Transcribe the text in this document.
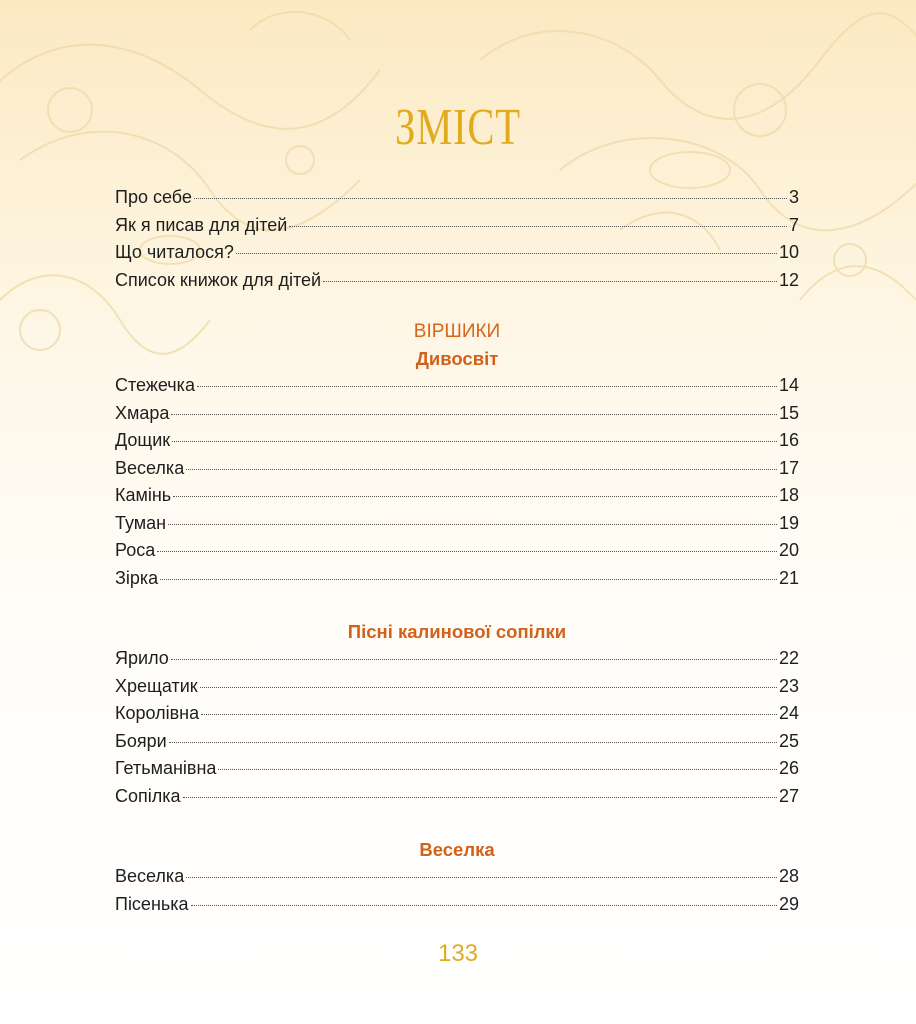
ЗМІСТ
Про себе	3
Як я писав для дітей	7
Що читалося?	10
Список книжок для дітей	12
ВІРШИКИ
Дивосвіт
Стежечка	14
Хмара	15
Дощик	16
Веселка	17
Камінь	18
Туман	19
Роса	20
Зірка	21
Пісні калинової сопілки
Ярило	22
Хрещатик	23
Королівна	24
Бояри	25
Гетьманівна	26
Сопілка	27
Веселка
Веселка	28
Пісенька	29
133
